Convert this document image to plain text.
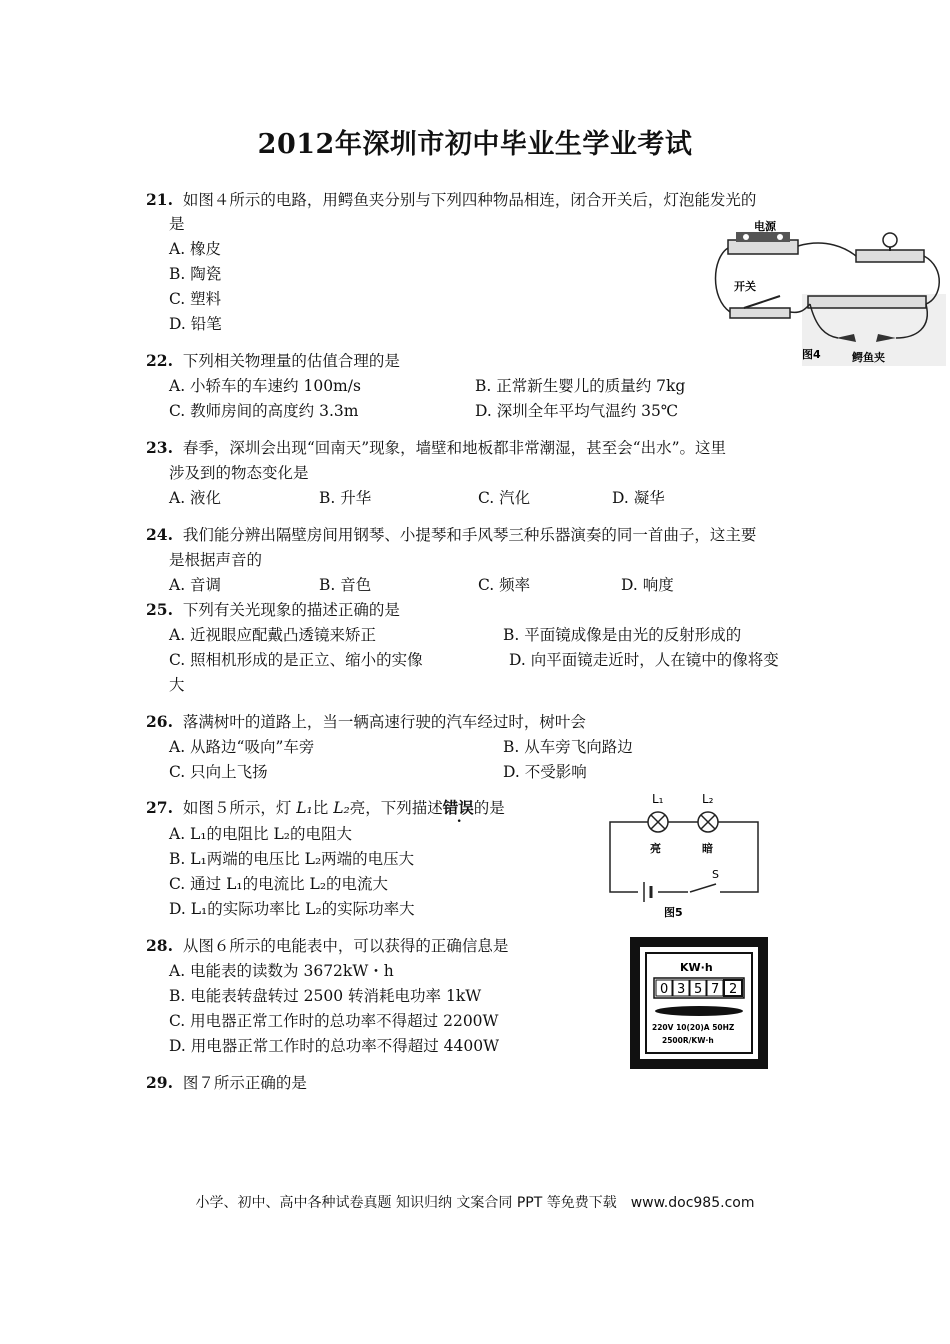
2012年深圳市初中毕业生学业考试
21. 如图４所示的电路，用鳄鱼夹分别与下列四种物品相连，闭合开关后，灯泡能发光的
是
A. 橡皮
B. 陶瓷
C. 塑料
D. 铅笔
电源
开关
图4	鳄鱼夹
22. 下列相关物理量的估值合理的是
A. 小轿车的车速约 100m/s	B. 正常新生婴儿的质量约 7kg
C. 教师房间的高度约 3.3m	D. 深圳全年平均气温约 35℃
23. 春季，深圳会出现“回南天”现象，墙壁和地板都非常潮湿，甚至会“出水”。这里
涉及到的物态变化是
A. 液化	B. 升华	C. 汽化	D. 凝华
24. 我们能分辨出隔壁房间用钢琴、小提琴和手风琴三种乐器演奏的同一首曲子，这主要
是根据声音的
A. 音调	B. 音色	C. 频率	D. 响度
25. 下列有关光现象的描述正确的是
A. 近视眼应配戴凸透镜来矫正	B. 平面镜成像是由光的反射形成的
C. 照相机形成的是正立、缩小的实像	D. 向平面镜走近时，人在镜中的像将变
大
26. 落满树叶的道路上，当一辆高速行驶的汽车经过时，树叶会
A. 从路边“吸向”车旁	B. 从车旁飞向路边
C. 只向上飞扬	D. 不受影响
27. 如图５所示，灯 L₁比 L₂亮，下列描述错误的是
A. L₁的电阻比 L₂的电阻大
B. L₁两端的电压比 L₂两端的电压大
C. 通过 L₁的电流比 L₂的电流大
D. L₁的实际功率比 L₂的实际功率大
L₁	L₂
亮	暗
S
图5
28. 从图６所示的电能表中，可以获得的正确信息是
A. 电能表的读数为 3672kW・h
B. 电能表转盘转过 2500 转消耗电功率 1kW
C. 用电器正常工作时的总功率不得超过 2200W
D. 用电器正常工作时的总功率不得超过 4400W
KW·h
0 3 5 7 2
220V 10(20)A 50HZ
2500R/KW·h
29. 图７所示正确的是
小学、初中、高中各种试卷真题 知识归纳 文案合同 PPT 等免费下载　www.doc985.com
